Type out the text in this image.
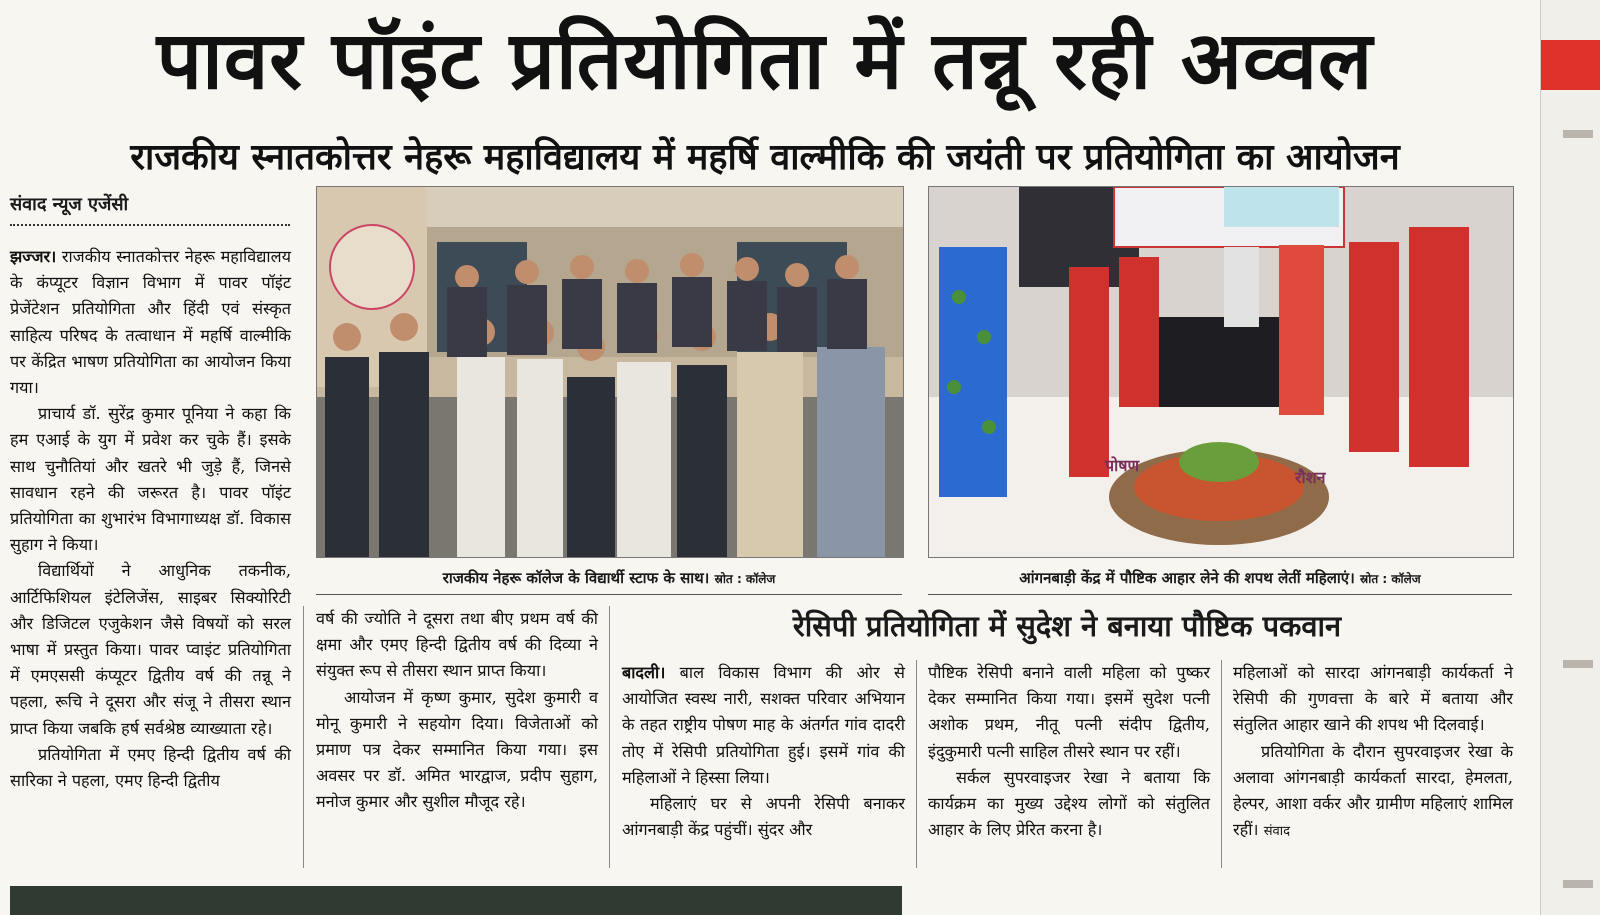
पावर पॉइंट प्रतियोगिता में तन्नू रही अव्वल
राजकीय स्नातकोत्तर नेहरू महाविद्यालय में महर्षि वाल्मीकि की जयंती पर प्रतियोगिता का आयोजन
संवाद न्यूज एजेंसी

झज्जर। राजकीय स्नातकोत्तर नेहरू महाविद्यालय के कंप्यूटर विज्ञान विभाग में पावर पॉइंट प्रेजेंटेशन प्रतियोगिता और हिंदी एवं संस्कृत साहित्य परिषद के तत्वाधान में महर्षि वाल्मीकि पर केंद्रित भाषण प्रतियोगिता का आयोजन किया गया।

प्राचार्य डॉ. सुरेंद्र कुमार पूनिया ने कहा कि हम एआई के युग में प्रवेश कर चुके हैं। इसके साथ चुनौतियां और खतरे भी जुड़े हैं, जिनसे सावधान रहने की जरूरत है। पावर पॉइंट प्रतियोगिता का शुभारंभ विभागाध्यक्ष डॉ. विकास सुहाग ने किया।

विद्यार्थियों ने आधुनिक तकनीक, आर्टिफिशियल इंटेलिजेंस, साइबर सिक्योरिटी और डिजिटल एजुकेशन जैसे विषयों को सरल भाषा में प्रस्तुत किया। पावर प्वाइंट प्रतियोगिता में एमएससी कंप्यूटर द्वितीय वर्ष की तन्नू ने पहला, रूचि ने दूसरा और संजू ने तीसरा स्थान प्राप्त किया जबकि हर्ष सर्वश्रेष्ठ व्याख्याता रहे।

प्रतियोगिता में एमए हिन्दी द्वितीय वर्ष की सारिका ने पहला, एमए हिन्दी द्वितीय

राजकीय नेहरू कॉलेज के विद्यार्थी स्टाफ के साथ। स्रोत : कॉलेज
पोषण
रौशन
आंगनबाड़ी केंद्र में पौष्टिक आहार लेने की शपथ लेतीं महिलाएं। स्रोत : कॉलेज

वर्ष की ज्योति ने दूसरा तथा बीए प्रथम वर्ष की क्षमा और एमए हिन्दी द्वितीय वर्ष की दिव्या ने संयुक्त रूप से तीसरा स्थान प्राप्त किया।

आयोजन में कृष्ण कुमार, सुदेश कुमारी व मोनू कुमारी ने सहयोग दिया। विजेताओं को प्रमाण पत्र देकर सम्मानित किया गया। इस अवसर पर डॉ. अमित भारद्वाज, प्रदीप सुहाग, मनोज कुमार और सुशील मौजूद रहे।

रेसिपी प्रतियोगिता में सुदेश ने बनाया पौष्टिक पकवान

बादली। बाल विकास विभाग की ओर से आयोजित स्वस्थ नारी, सशक्त परिवार अभियान के तहत राष्ट्रीय पोषण माह के अंतर्गत गांव दादरी तोए में रेसिपी प्रतियोगिता हुई। इसमें गांव की महिलाओं ने हिस्सा लिया।

महिलाएं घर से अपनी रेसिपी बनाकर आंगनबाड़ी केंद्र पहुंचीं। सुंदर और

पौष्टिक रेसिपी बनाने वाली महिला को पुष्कर देकर सम्मानित किया गया। इसमें सुदेश पत्नी अशोक प्रथम, नीतू पत्नी संदीप द्वितीय, इंदुकुमारी पत्नी साहिल तीसरे स्थान पर रहीं।

सर्कल सुपरवाइजर रेखा ने बताया कि कार्यक्रम का मुख्य उद्देश्य लोगों को संतुलित आहार के लिए प्रेरित करना है।

महिलाओं को सारदा आंगनबाड़ी कार्यकर्ता ने रेसिपी की गुणवत्ता के बारे में बताया और संतुलित आहार खाने की शपथ भी दिलवाई।

प्रतियोगिता के दौरान सुपरवाइजर रेखा के अलावा आंगनबाड़ी कार्यकर्ता सारदा, हेमलता, हेल्पर, आशा वर्कर और ग्रामीण महिलाएं शामिल रहीं। संवाद
